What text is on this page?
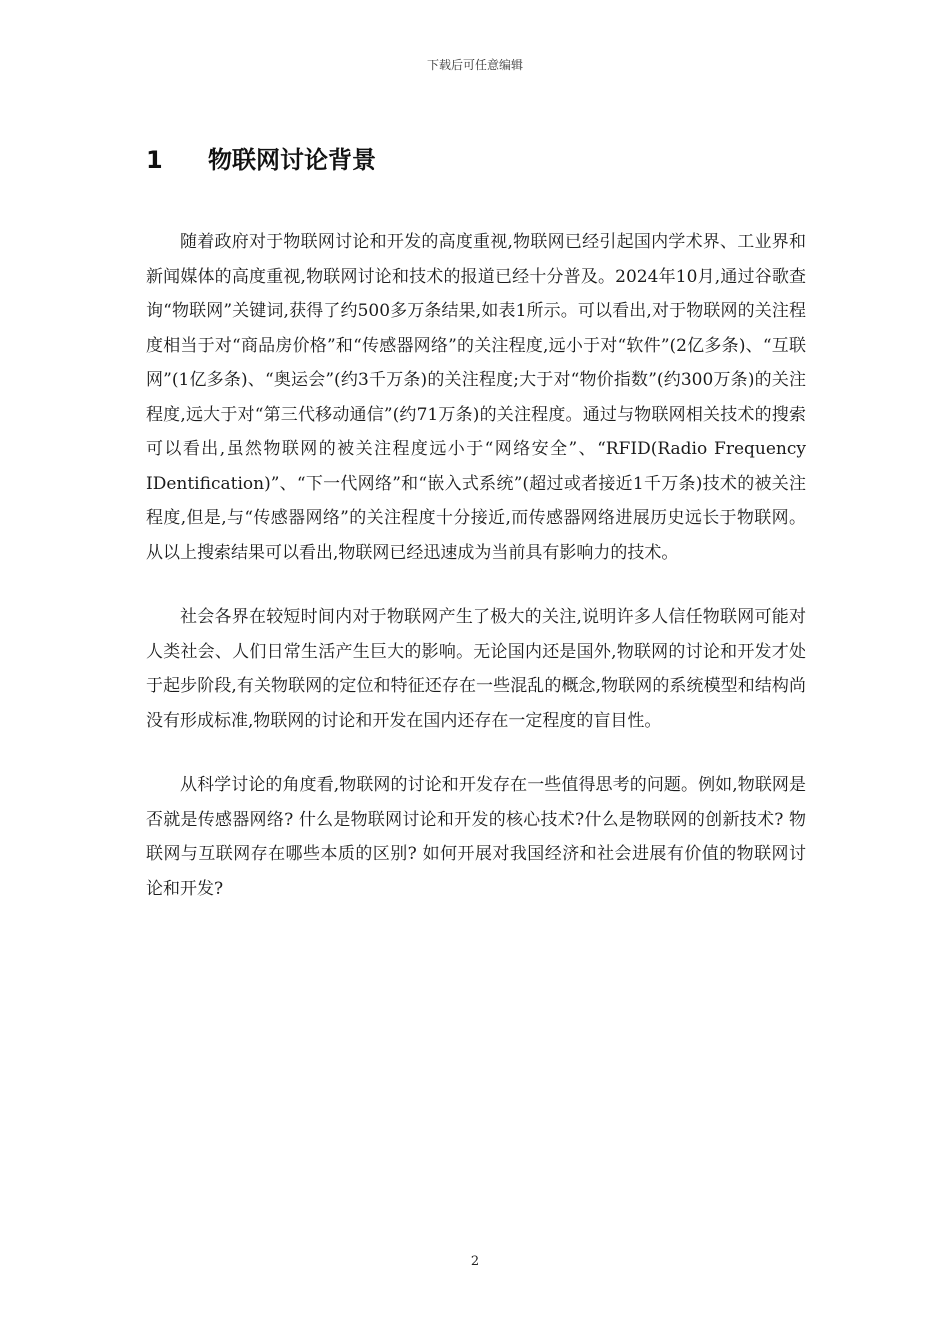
下载后可任意编辑
1	物联网讨论背景

随着政府对于物联网讨论和开发的高度重视,物联网已经引起国内学术界、工业界和新闻媒体的高度重视,物联网讨论和技术的报道已经十分普及。2024年10月,通过谷歌查询“物联网”关键词,获得了约500多万条结果,如表1所示。可以看出,对于物联网的关注程度相当于对“商品房价格”和“传感器网络”的关注程度,远小于对“软件”(2亿多条)、“互联网”(1亿多条)、“奥运会”(约3千万条)的关注程度;大于对“物价指数”(约300万条)的关注程度,远大于对“第三代移动通信”(约71万条)的关注程度。通过与物联网相关技术的搜索可以看出,虽然物联网的被关注程度远小于“网络安全”、“RFID(Radio Frequency IDentification)”、“下一代网络”和“嵌入式系统”(超过或者接近1千万条)技术的被关注程度,但是,与“传感器网络”的关注程度十分接近,而传感器网络进展历史远长于物联网。从以上搜索结果可以看出,物联网已经迅速成为当前具有影响力的技术。

社会各界在较短时间内对于物联网产生了极大的关注,说明许多人信任物联网可能对人类社会、人们日常生活产生巨大的影响。无论国内还是国外,物联网的讨论和开发才处于起步阶段,有关物联网的定位和特征还存在一些混乱的概念,物联网的系统模型和结构尚没有形成标准,物联网的讨论和开发在国内还存在一定程度的盲目性。

从科学讨论的角度看,物联网的讨论和开发存在一些值得思考的问题。例如,物联网是否就是传感器网络? 什么是物联网讨论和开发的核心技术?什么是物联网的创新技术? 物联网与互联网存在哪些本质的区别? 如何开展对我国经济和社会进展有价值的物联网讨论和开发?

2
